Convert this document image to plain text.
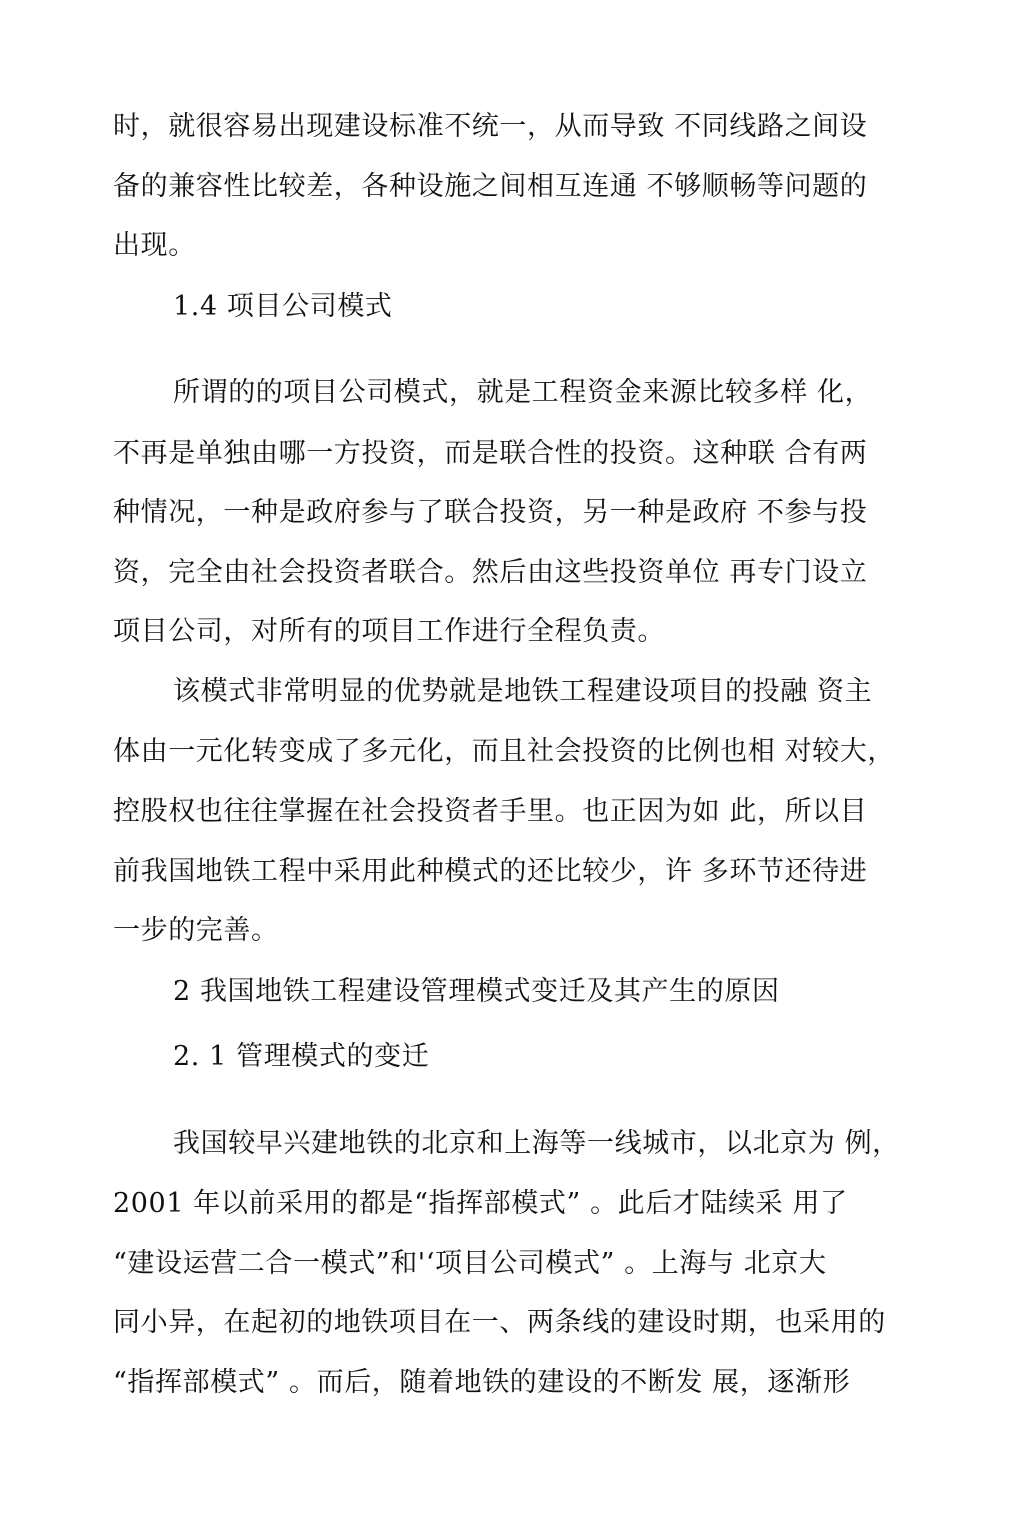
时，就很容易出现建设标准不统一，从而导致 不同线路之间设

备的兼容性比较差，各种设施之间相互连通 不够顺畅等问题的

出现。

1.4 项目公司模式

所谓的的项目公司模式，就是工程资金来源比较多样 化，

不再是单独由哪一方投资，而是联合性的投资。这种联 合有两

种情况，一种是政府参与了联合投资，另一种是政府 不参与投

资，完全由社会投资者联合。然后由这些投资单位 再专门设立

项目公司，对所有的项目工作进行全程负责。

该模式非常明显的优势就是地铁工程建设项目的投融 资主

体由一元化转变成了多元化，而且社会投资的比例也相 对较大，

控股权也往往掌握在社会投资者手里。也正因为如 此，所以目

前我国地铁工程中采用此种模式的还比较少，许 多环节还待进

一步的完善。

2 我国地铁工程建设管理模式变迁及其产生的原因

2. 1 管理模式的变迁

我国较早兴建地铁的北京和上海等一线城市，以北京为 例，

2001 年以前采用的都是“指挥部模式” 。此后才陆续采 用了

“建设运营二合一模式”和'‘项目公司模式” 。上海与 北京大

同小异，在起初的地铁项目在一、两条线的建设时期，也采用的

“指挥部模式” 。而后，随着地铁的建设的不断发 展，逐渐形
